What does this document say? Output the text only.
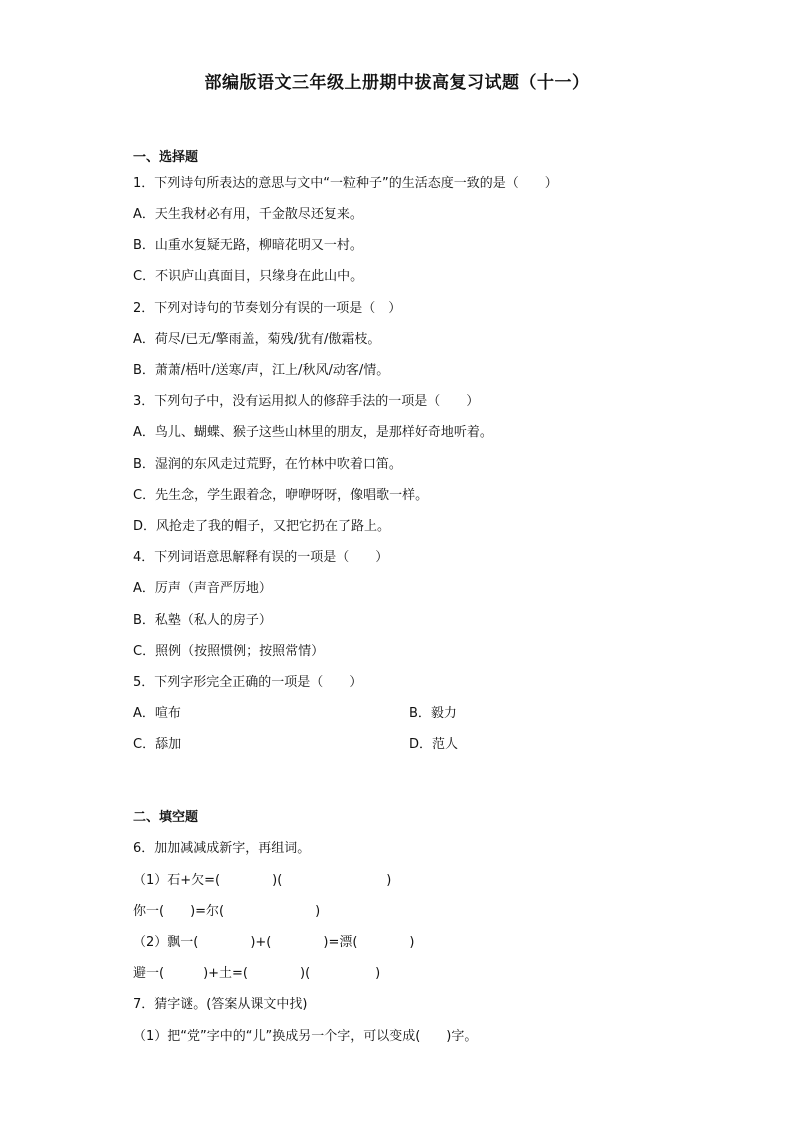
部编版语文三年级上册期中拔高复习试题（十一）
一、选择题
1．下列诗句所表达的意思与文中“一粒种子”的生活态度一致的是（　　）
A．天生我材必有用，千金散尽还复来。
B．山重水复疑无路，柳暗花明又一村。
C．不识庐山真面目，只缘身在此山中。
2．下列对诗句的节奏划分有误的一项是（　）
A．荷尽/已无/擎雨盖，菊残/犹有/傲霜枝。
B．萧萧/梧叶/送寒/声，江上/秋风/动客/情。
3．下列句子中，没有运用拟人的修辞手法的一项是（　　）
A．鸟儿、蝴蝶、猴子这些山林里的朋友，是那样好奇地听着。
B．湿润的东风走过荒野，在竹林中吹着口笛。
C．先生念，学生跟着念，咿咿呀呀，像唱歌一样。
D．风抢走了我的帽子，又把它扔在了路上。
4．下列词语意思解释有误的一项是（　　）
A．厉声（声音严厉地）
B．私塾（私人的房子）
C．照例（按照惯例；按照常情）
5．下列字形完全正确的一项是（　　）
A．喧布	B．毅力
C．舔加	D．范人
二、填空题
6．加加减减成新字，再组词。
（1）石+欠=(　　　　)(　　　　　　　　)
你一(　　)=尔(　　　　　　　)
（2）飘一(　　　　)+(　　　　)=漂(　　　　)
避一(　　　)+土=(　　　　)(　　　　　)
7．猜字谜。(答案从课文中找)
（1）把“党”字中的“儿”换成另一个字，可以变成(　　)字。
